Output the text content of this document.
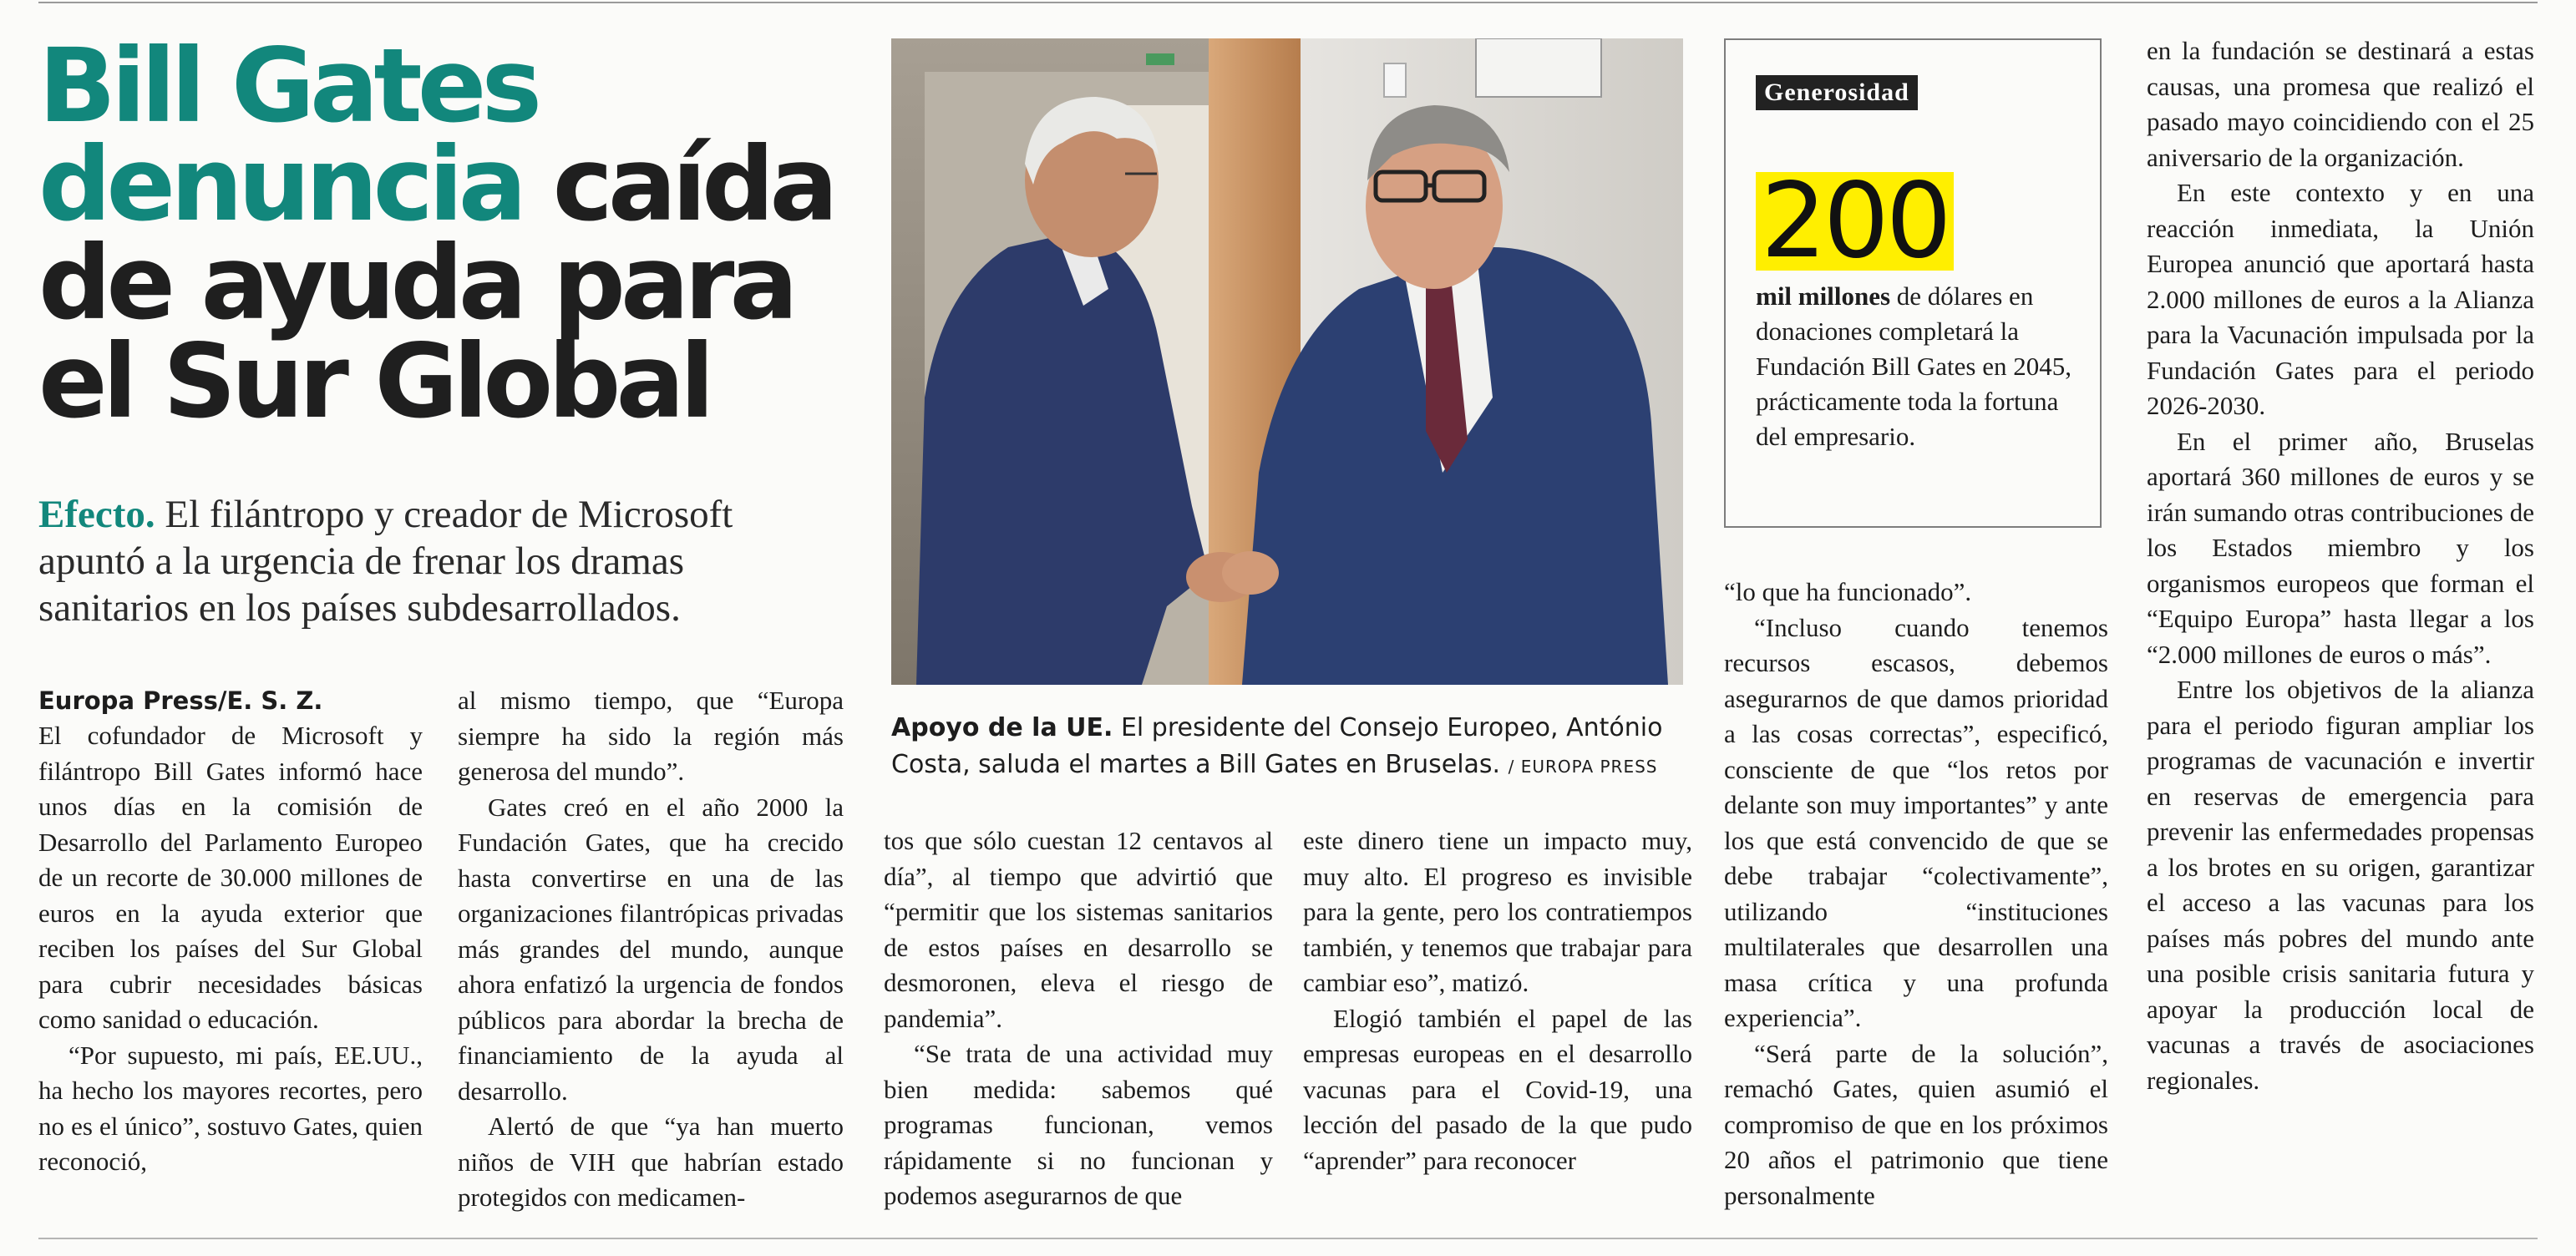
Bill Gates denuncia caída de ayuda para el Sur Global
Efecto. El filántropo y creador de Microsoft apuntó a la urgencia de frenar los dramas sanitarios en los países subdesarrollados.
Apoyo de la UE. El presidente del Consejo Europeo, António Costa, saluda el martes a Bill Gates en Bruselas. / EUROPA PRESS
Generosidad
200
mil millones de dólares en donaciones completará la Fundación Bill Gates en 2045, prácticamente toda la fortuna del empresario.
Europa Press/E. S. Z.

El cofundador de Microsoft y filántropo Bill Gates informó hace unos días en la comisión de Desarrollo del Parlamento Europeo de un recorte de 30.000 millones de euros en la ayuda exterior que reciben los países del Sur Global para cubrir necesidades básicas como sanidad o educación.

“Por supuesto, mi país, EE.UU., ha hecho los mayores recortes, pero no es el único”, sostuvo Gates, quien reconoció,

al mismo tiempo, que “Europa siempre ha sido la región más generosa del mundo”.

Gates creó en el año 2000 la Fundación Gates, que ha crecido hasta convertirse en una de las organizaciones filantrópicas privadas más grandes del mundo, aunque ahora enfatizó la urgencia de fondos públicos para abordar la brecha de financiamiento de la ayuda al desarrollo.

Alertó de que “ya han muerto niños de VIH que habrían estado protegidos con medicamen-

tos que sólo cuestan 12 centavos al día”, al tiempo que advirtió que “permitir que los sistemas sanitarios de estos países en desarrollo se desmoronen, eleva el riesgo de pandemia”.

“Se trata de una actividad muy bien medida: sabemos qué programas funcionan, vemos rápidamente si no funcionan y podemos asegurarnos de que

este dinero tiene un impacto muy, muy alto. El progreso es invisible para la gente, pero los contratiempos también, y tenemos que trabajar para cambiar eso”, matizó.

Elogió también el papel de las empresas europeas en el desarrollo vacunas para el Covid-19, una lección del pasado de la que pudo “aprender” para reconocer

“lo que ha funcionado”.

“Incluso cuando tenemos recursos escasos, debemos asegurarnos de que damos prioridad a las cosas correctas”, especificó, consciente de que “los retos por delante son muy importantes” y ante los que está convencido de que se debe trabajar “colectivamente”, utilizando “instituciones multilaterales que desarrollen una masa crítica y una profunda experiencia”.

“Será parte de la solución”, remachó Gates, quien asumió el compromiso de que en los próximos 20 años el patrimonio que tiene personalmente

en la fundación se destinará a estas causas, una promesa que realizó el pasado mayo coincidiendo con el 25 aniversario de la organización.

En este contexto y en una reacción inmediata, la Unión Europea anunció que aportará hasta 2.000 millones de euros a la Alianza para la Vacunación impulsada por la Fundación Gates para el periodo 2026-2030.

En el primer año, Bruselas aportará 360 millones de euros y se irán sumando otras contribuciones de los Estados miembro y los organismos europeos que forman el “Equipo Europa” hasta llegar a los “2.000 millones de euros o más”.

Entre los objetivos de la alianza para el periodo figuran ampliar los programas de vacunación e invertir en reservas de emergencia para prevenir las enfermedades propensas a los brotes en su origen, garantizar el acceso a las vacunas para los países más pobres del mundo ante una posible crisis sanitaria futura y apoyar la producción local de vacunas a través de asociaciones regionales.
